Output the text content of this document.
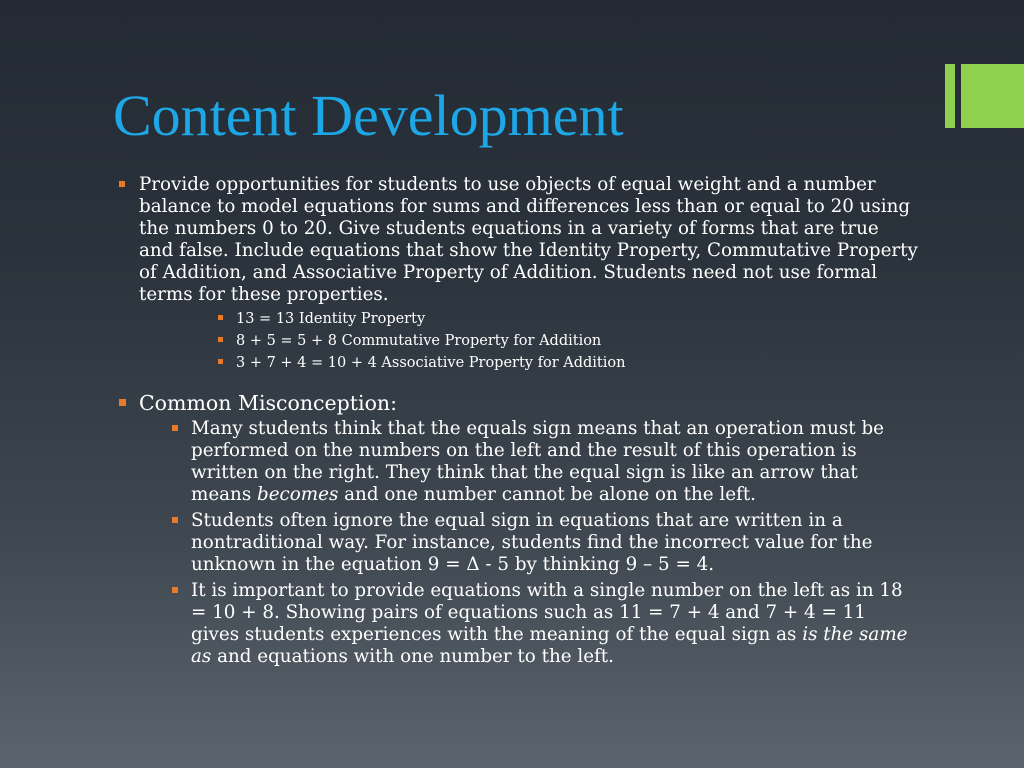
Content Development
Provide opportunities for students to use objects of equal weight and a number balance to model equations for sums and differences less than or equal to 20 using the numbers 0 to 20. Give students equations in a variety of forms that are true and false. Include equations that show the Identity Property, Commutative Property of Addition, and Associative Property of Addition. Students need not use formal terms for these properties.
13 = 13 Identity Property
8 + 5 = 5 + 8 Commutative Property for Addition
3 + 7 + 4 = 10 + 4 Associative Property for Addition
Common Misconception:
Many students think that the equals sign means that an operation must be performed on the numbers on the left and the result of this operation is written on the right. They think that the equal sign is like an arrow that means becomes and one number cannot be alone on the left.
Students often ignore the equal sign in equations that are written in a nontraditional way. For instance, students find the incorrect value for the unknown in the equation 9 = Δ - 5 by thinking 9 – 5 = 4.
It is important to provide equations with a single number on the left as in 18 = 10 + 8. Showing pairs of equations such as 11 = 7 + 4 and 7 + 4 = 11 gives students experiences with the meaning of the equal sign as is the same as and equations with one number to the left.
